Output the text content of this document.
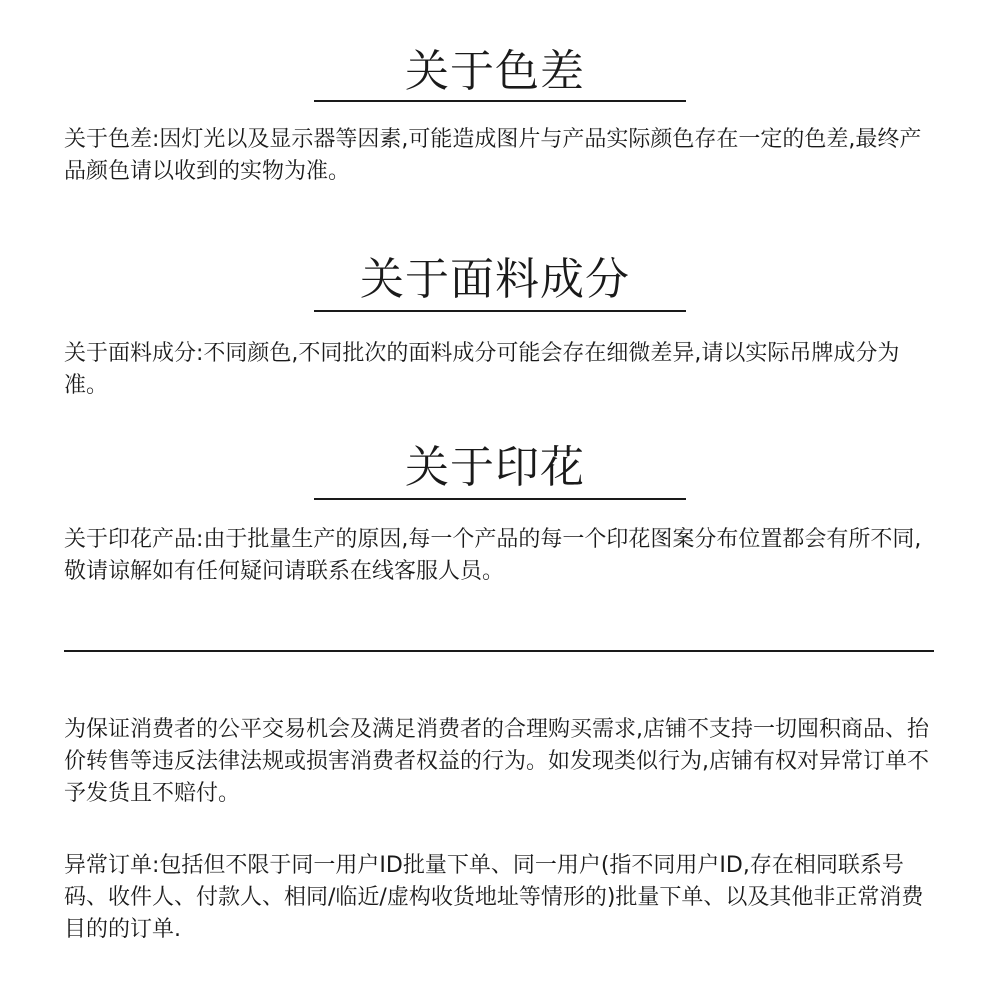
关于色差

关于色差:因灯光以及显示器等因素,可能造成图片与产品实际颜色存在一定的色差,最终产品颜色请以收到的实物为准。

关于面料成分

关于面料成分:不同颜色,不同批次的面料成分可能会存在细微差异,请以实际吊牌成分为准。

关于印花

关于印花产品:由于批量生产的原因,每一个产品的每一个印花图案分布位置都会有所不同,敬请谅解如有任何疑问请联系在线客服人员。

为保证消费者的公平交易机会及满足消费者的合理购买需求,店铺不支持一切囤积商品、抬价转售等违反法律法规或损害消费者权益的行为。如发现类似行为,店铺有权对异常订单不予发货且不赔付。

异常订单:包括但不限于同一用户ID批量下单、同一用户(指不同用户ID,存在相同联系号码、收件人、付款人、相同/临近/虚构收货地址等情形的)批量下单、以及其他非正常消费目的的订单.
